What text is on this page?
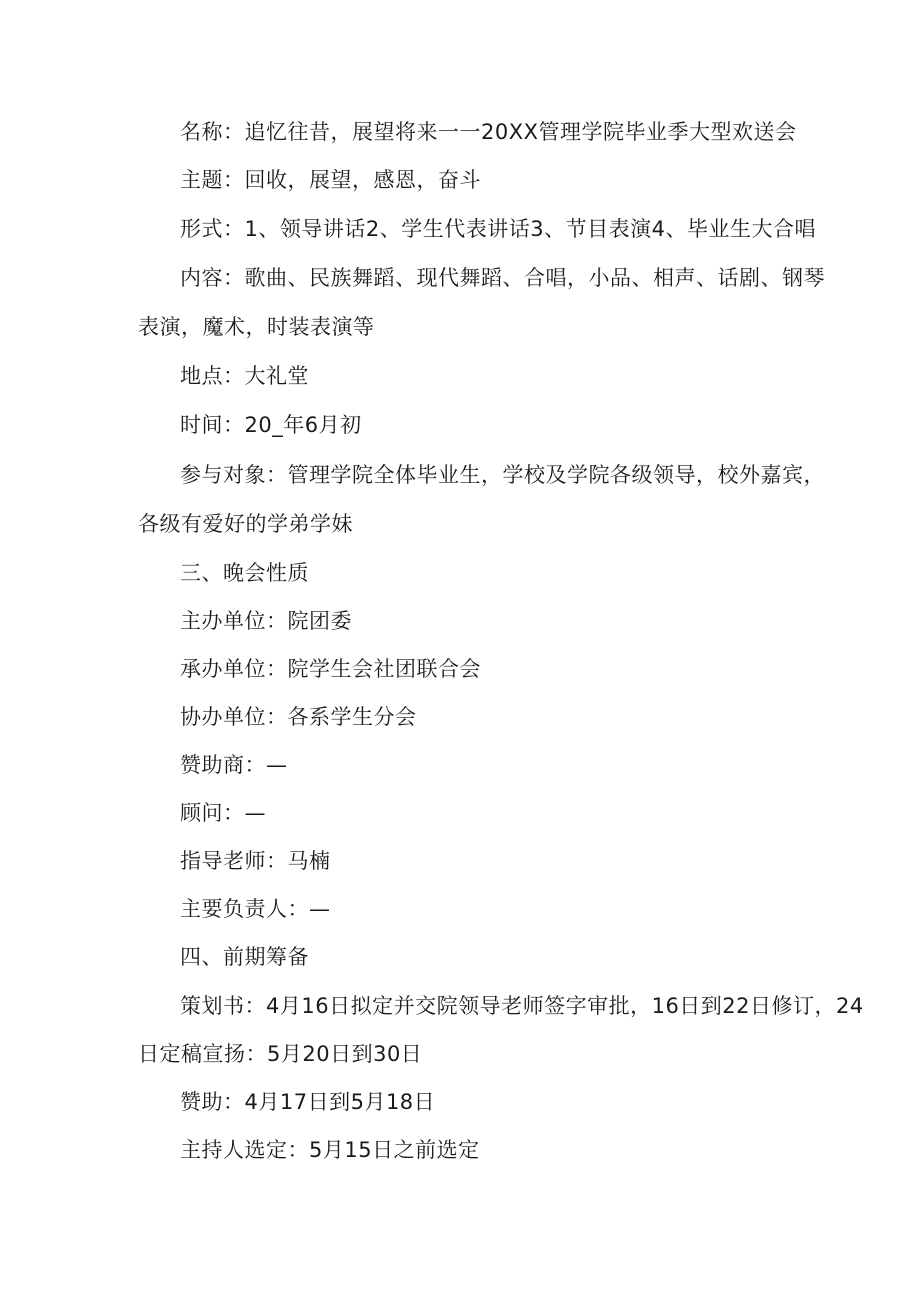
名称：追忆往昔，展望将来一一20XX管理学院毕业季大型欢送会

主题：回收，展望，感恩，奋斗

形式：1、领导讲话2、学生代表讲话3、节目表演4、毕业生大合唱

内容：歌曲、民族舞蹈、现代舞蹈、合唱，小品、相声、话剧、钢琴

表演，魔术，时装表演等

地点：大礼堂

时间：20_年6月初

参与对象：管理学院全体毕业生，学校及学院各级领导，校外嘉宾，

各级有爱好的学弟学妹

三、晚会性质

主办单位：院团委

承办单位：院学生会社团联合会

协办单位：各系学生分会

赞助商：—

顾问：—

指导老师：马楠

主要负责人：—

四、前期筹备

策划书：4月16日拟定并交院领导老师签字审批，16日到22日修订，24

日定稿宣扬：5月20日到30日

赞助：4月17日到5月18日

主持人选定：5月15日之前选定
